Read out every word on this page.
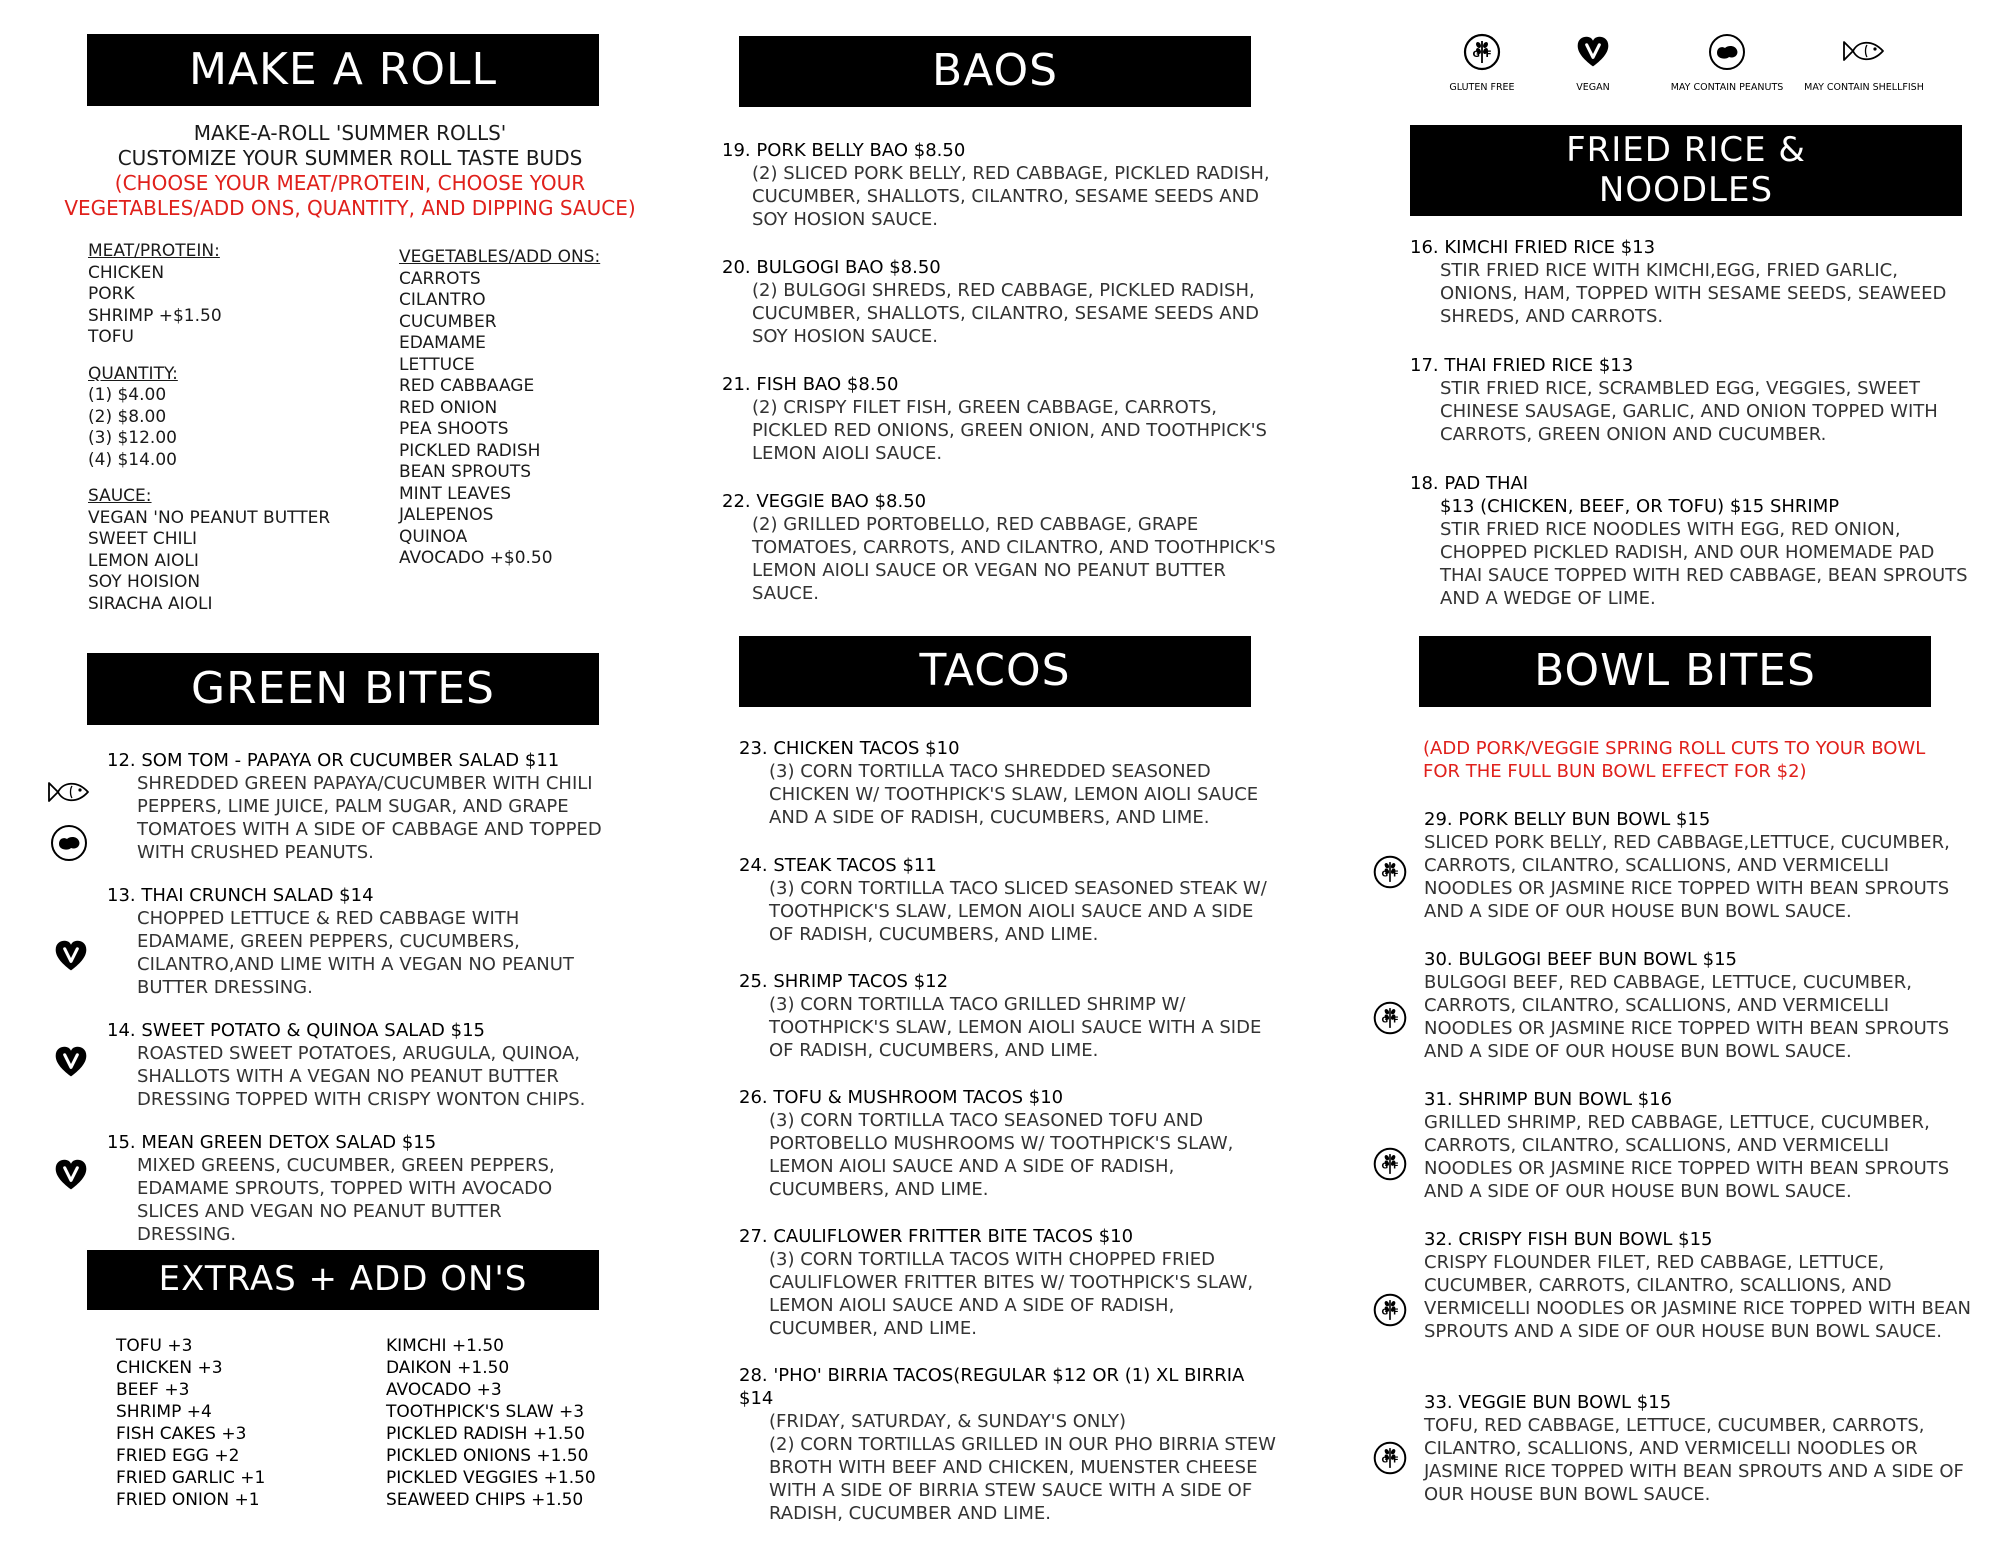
GLUTEN FREE	VEGAN	MAY CONTAIN PEANUTS	MAY CONTAIN SHELLFISH
MAKE A ROLL
MAKE-A-ROLL 'SUMMER ROLLS'
CUSTOMIZE YOUR SUMMER ROLL TASTE BUDS
(CHOOSE YOUR MEAT/PROTEIN, CHOOSE YOUR VEGETABLES/ADD ONS, QUANTITY, AND DIPPING SAUCE)
MEAT/PROTEIN:
CHICKEN
PORK
SHRIMP +$1.50
TOFU
QUANTITY:
(1) $4.00
(2) $8.00
(3) $12.00
(4) $14.00
SAUCE:
VEGAN 'NO PEANUT BUTTER
SWEET CHILI
LEMON AIOLI
SOY HOISION
SIRACHA AIOLI
VEGETABLES/ADD ONS:
CARROTS
CILANTRO
CUCUMBER
EDAMAME
LETTUCE
RED CABBAAGE
RED ONION
PEA SHOOTS
PICKLED RADISH
BEAN SPROUTS
MINT LEAVES
JALEPENOS
QUINOA
AVOCADO +$0.50
GREEN BITES
12. SOM TOM - PAPAYA OR CUCUMBER SALAD $11
SHREDDED GREEN PAPAYA/CUCUMBER WITH CHILI PEPPERS, LIME JUICE, PALM SUGAR, AND GRAPE TOMATOES WITH A SIDE OF CABBAGE AND TOPPED WITH CRUSHED PEANUTS.
13. THAI CRUNCH SALAD $14
CHOPPED LETTUCE & RED CABBAGE WITH EDAMAME, GREEN PEPPERS, CUCUMBERS, CILANTRO,AND LIME WITH A VEGAN NO PEANUT BUTTER DRESSING.
14. SWEET POTATO & QUINOA SALAD $15
ROASTED SWEET POTATOES, ARUGULA, QUINOA, SHALLOTS WITH A VEGAN NO PEANUT BUTTER DRESSING TOPPED WITH CRISPY WONTON CHIPS.
15. MEAN GREEN DETOX SALAD $15
MIXED GREENS, CUCUMBER, GREEN PEPPERS, EDAMAME SPROUTS, TOPPED WITH AVOCADO SLICES AND VEGAN NO PEANUT BUTTER DRESSING.
EXTRAS + ADD ON'S
TOFU +3
CHICKEN +3
BEEF +3
SHRIMP +4
FISH CAKES +3
FRIED EGG +2
FRIED GARLIC +1
FRIED ONION +1
KIMCHI +1.50
DAIKON +1.50
AVOCADO +3
TOOTHPICK'S SLAW +3
PICKLED RADISH +1.50
PICKLED ONIONS +1.50
PICKLED VEGGIES +1.50
SEAWEED CHIPS +1.50
BAOS
19. PORK BELLY BAO $8.50
(2) SLICED PORK BELLY, RED CABBAGE, PICKLED RADISH, CUCUMBER, SHALLOTS, CILANTRO, SESAME SEEDS AND SOY HOSION SAUCE.
20. BULGOGI BAO $8.50
(2) BULGOGI SHREDS, RED CABBAGE, PICKLED RADISH, CUCUMBER, SHALLOTS, CILANTRO, SESAME SEEDS AND SOY HOSION SAUCE.
21. FISH BAO $8.50
(2) CRISPY FILET FISH, GREEN CABBAGE, CARROTS, PICKLED RED ONIONS, GREEN ONION, AND TOOTHPICK'S LEMON AIOLI SAUCE.
22. VEGGIE BAO $8.50
(2) GRILLED PORTOBELLO, RED CABBAGE, GRAPE TOMATOES, CARROTS, AND CILANTRO, AND TOOTHPICK'S LEMON AIOLI SAUCE OR VEGAN NO PEANUT BUTTER SAUCE.
TACOS
23. CHICKEN TACOS $10
(3) CORN TORTILLA TACO SHREDDED SEASONED CHICKEN W/ TOOTHPICK'S SLAW, LEMON AIOLI SAUCE AND A SIDE OF RADISH, CUCUMBERS, AND LIME.
24. STEAK TACOS $11
(3) CORN TORTILLA TACO SLICED SEASONED STEAK W/ TOOTHPICK'S SLAW, LEMON AIOLI SAUCE AND A SIDE OF RADISH, CUCUMBERS, AND LIME.
25. SHRIMP TACOS $12
(3) CORN TORTILLA TACO GRILLED SHRIMP W/ TOOTHPICK'S SLAW, LEMON AIOLI SAUCE WITH A SIDE OF RADISH, CUCUMBERS, AND LIME.
26. TOFU & MUSHROOM TACOS $10
(3) CORN TORTILLA TACO SEASONED TOFU AND PORTOBELLO MUSHROOMS W/ TOOTHPICK'S SLAW, LEMON AIOLI SAUCE AND A SIDE OF RADISH, CUCUMBERS, AND LIME.
27. CAULIFLOWER FRITTER BITE TACOS $10
(3) CORN TORTILLA TACOS WITH CHOPPED FRIED CAULIFLOWER FRITTER BITES W/ TOOTHPICK'S SLAW, LEMON AIOLI SAUCE AND A SIDE OF RADISH, CUCUMBER, AND LIME.
28. 'PHO' BIRRIA TACOS(REGULAR $12 OR (1) XL BIRRIA $14
(FRIDAY, SATURDAY, & SUNDAY'S ONLY)
(2) CORN TORTILLAS GRILLED IN OUR PHO BIRRIA STEW BROTH WITH BEEF AND CHICKEN, MUENSTER CHEESE WITH A SIDE OF BIRRIA STEW SAUCE WITH A SIDE OF RADISH, CUCUMBER AND LIME.
FRIED RICE &
NOODLES
16. KIMCHI FRIED RICE $13
STIR FRIED RICE WITH KIMCHI,EGG, FRIED GARLIC, ONIONS, HAM, TOPPED WITH SESAME SEEDS, SEAWEED SHREDS, AND CARROTS.
17. THAI FRIED RICE $13
STIR FRIED RICE, SCRAMBLED EGG, VEGGIES, SWEET CHINESE SAUSAGE, GARLIC, AND ONION TOPPED WITH CARROTS, GREEN ONION AND CUCUMBER.
18. PAD THAI
$13 (CHICKEN, BEEF, OR TOFU) $15 SHRIMP
STIR FRIED RICE NOODLES WITH EGG, RED ONION, CHOPPED PICKLED RADISH, AND OUR HOMEMADE PAD THAI SAUCE TOPPED WITH RED CABBAGE, BEAN SPROUTS AND A WEDGE OF LIME.
BOWL BITES
(ADD PORK/VEGGIE SPRING ROLL CUTS TO YOUR BOWL FOR THE FULL BUN BOWL EFFECT FOR $2)
29. PORK BELLY BUN BOWL $15
SLICED PORK BELLY, RED CABBAGE,LETTUCE, CUCUMBER, CARROTS, CILANTRO, SCALLIONS, AND VERMICELLI NOODLES OR JASMINE RICE TOPPED WITH BEAN SPROUTS AND A SIDE OF OUR HOUSE BUN BOWL SAUCE.
30. BULGOGI BEEF BUN BOWL $15
BULGOGI BEEF, RED CABBAGE, LETTUCE, CUCUMBER, CARROTS, CILANTRO, SCALLIONS, AND VERMICELLI NOODLES OR JASMINE RICE TOPPED WITH BEAN SPROUTS AND A SIDE OF OUR HOUSE BUN BOWL SAUCE.
31. SHRIMP BUN BOWL $16
GRILLED SHRIMP, RED CABBAGE, LETTUCE, CUCUMBER, CARROTS, CILANTRO, SCALLIONS, AND VERMICELLI NOODLES OR JASMINE RICE TOPPED WITH BEAN SPROUTS AND A SIDE OF OUR HOUSE BUN BOWL SAUCE.
32. CRISPY FISH BUN BOWL $15
CRISPY FLOUNDER FILET, RED CABBAGE, LETTUCE, CUCUMBER, CARROTS, CILANTRO, SCALLIONS, AND VERMICELLI NOODLES OR JASMINE RICE TOPPED WITH BEAN SPROUTS AND A SIDE OF OUR HOUSE BUN BOWL SAUCE.
33. VEGGIE BUN BOWL $15
TOFU, RED CABBAGE, LETTUCE, CUCUMBER, CARROTS, CILANTRO, SCALLIONS, AND VERMICELLI NOODLES OR JASMINE RICE TOPPED WITH BEAN SPROUTS AND A SIDE OF OUR HOUSE BUN BOWL SAUCE.
